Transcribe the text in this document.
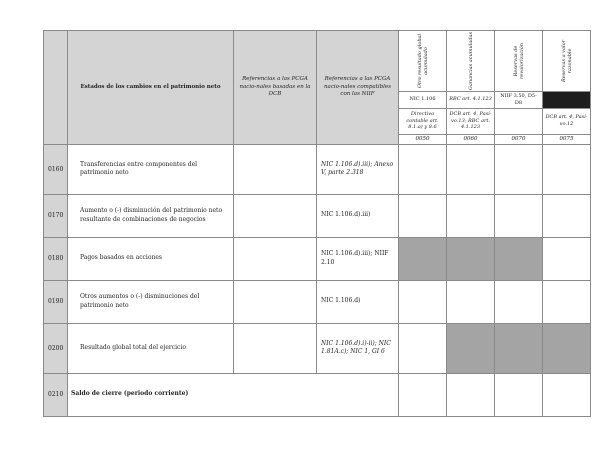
	Estados de los cambios en el patrimonio neto	Referencias a las PCGA nacio-nales basadas en la DCB	Referencias a las PCGA nacio-nales compatibles con las NIIF	Otro resultado global acumulado	Ganancias acumuladas	Reservas de revalorización	Reservas a valor razonable

				NIC 1.106	RBC art. 4.1.123	NIIF 3.50, D5-D8	
				Directiva contable art. 8.1.a) y 8.6	DCB art. 4, Pasi-vo.13; RBC art. 4.1.123		DCB art. 4, Pasi-vo.12
				0050	0060	0070	0075
0160	Transferencias entre componentes del patrimonio neto		NIC 1.106.d).iii); Anexo V, parte 2.318				
0170	Aumento o (-) disminución del patrimonio neto resultante de combinaciones de negocios		NIC 1.106.d).iii)				
0180	Pagos basados en acciones		NIC 1.106.d).iii); NIIF 2.10				
0190	Otros aumentos o (-) disminuciones del patrimonio neto		NIC 1.106.d)				
0200	Resultado global total del ejercicio		NIC 1.106.d).i)-ii); NIC 1.81A.c); NIC 1, GI 6				
0210	Saldo de cierre (periodo corriente)						
